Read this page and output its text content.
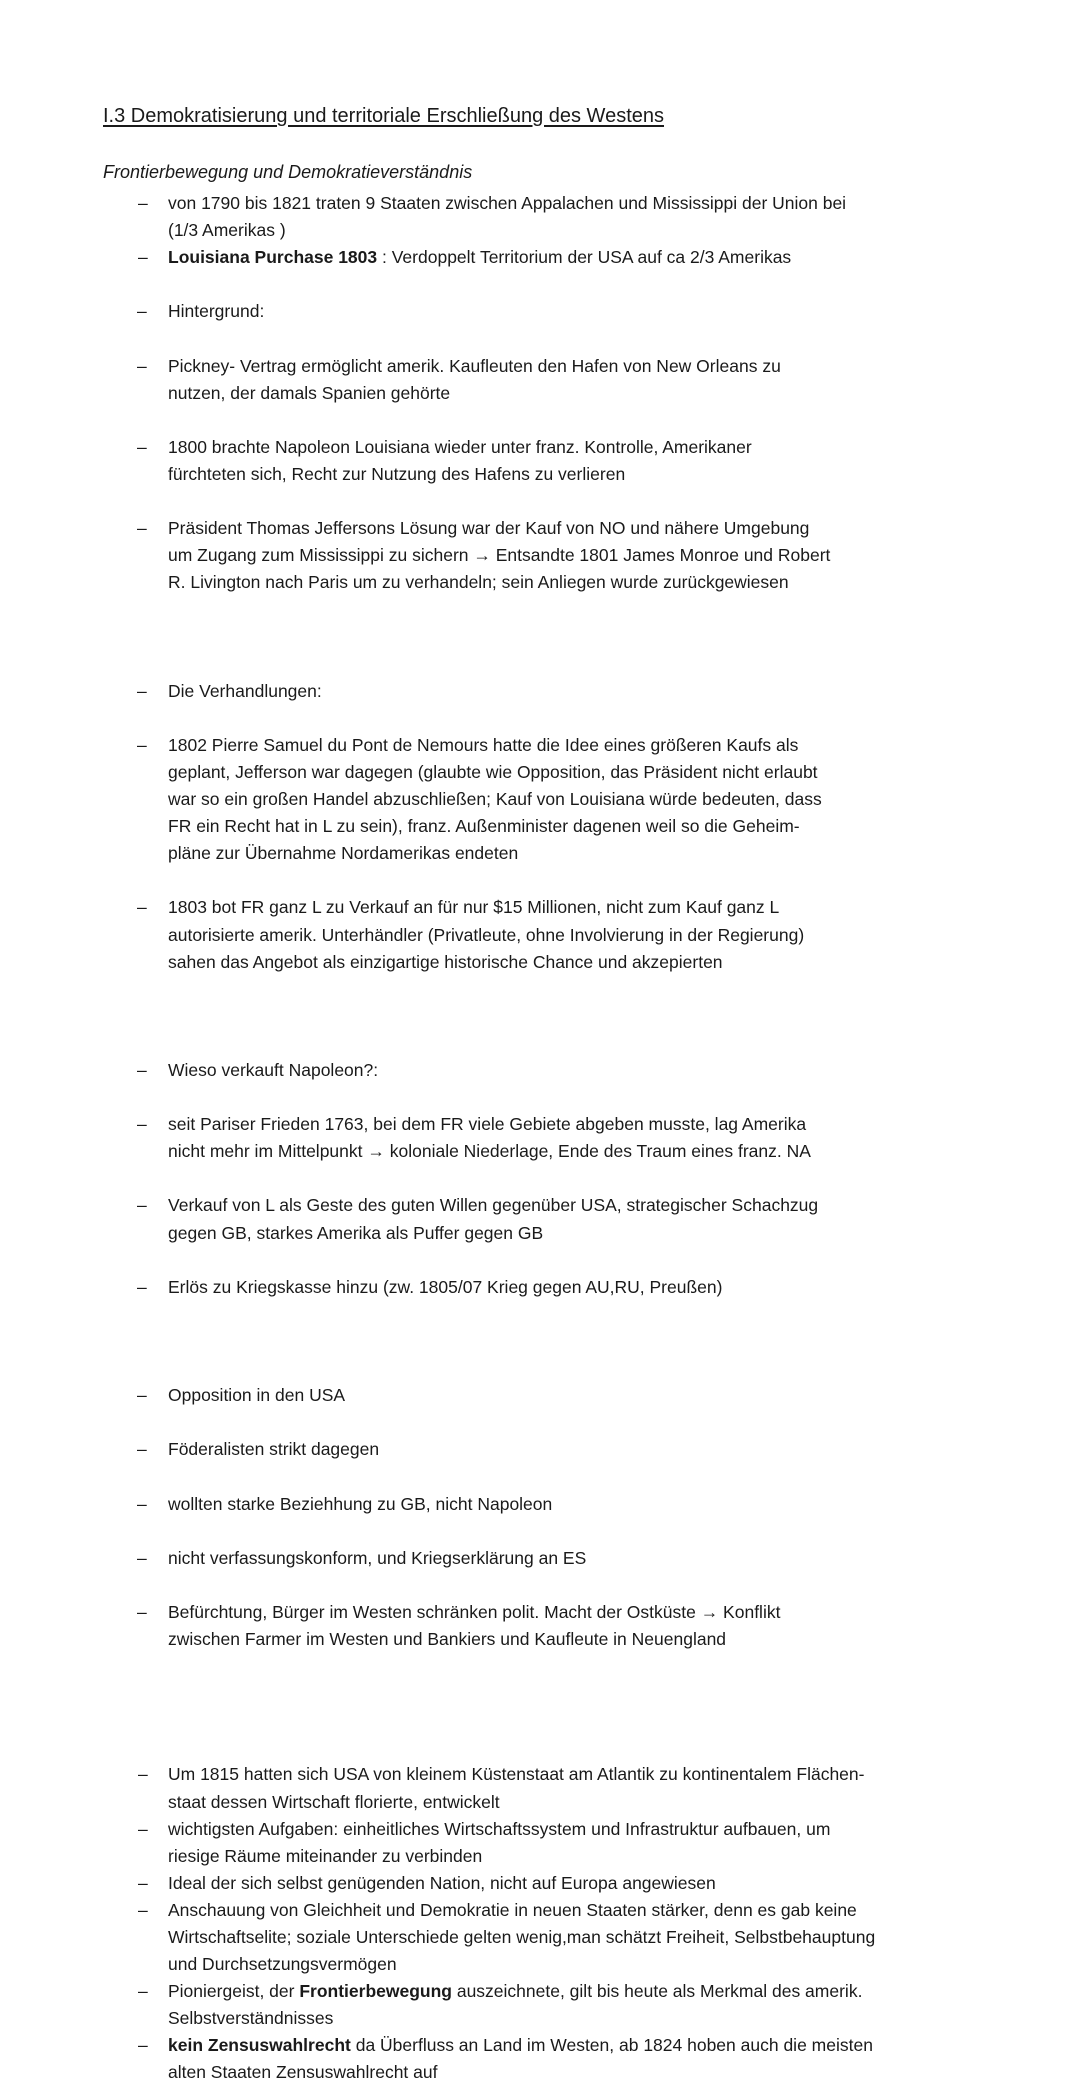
I.3 Demokratisierung und territoriale Erschließung des Westens
Frontierbewegung und Demokratieverständnis
–	von 1790 bis 1821 traten 9 Staaten zwischen Appalachen und Mississippi der Union bei
(1/3 Amerikas )
–	Louisiana Purchase 1803 : Verdoppelt Territorium der USA auf ca 2/3 Amerikas

–	Hintergrund:

–	Pickney- Vertrag ermöglicht amerik. Kaufleuten den Hafen von New Orleans zu
nutzen, der damals Spanien gehörte

–	1800 brachte Napoleon Louisiana wieder unter franz. Kontrolle, Amerikaner
fürchteten sich, Recht zur Nutzung des Hafens zu verlieren

–	Präsident Thomas Jeffersons Lösung war der Kauf von NO und nähere Umgebung
um Zugang zum Mississippi zu sichern → Entsandte 1801 James Monroe und Robert
R. Livington nach Paris um zu verhandeln; sein Anliegen wurde zurückgewiesen

–	Die Verhandlungen:

–	1802 Pierre Samuel du Pont de Nemours hatte die Idee eines größeren Kaufs als
geplant, Jefferson war dagegen (glaubte wie Opposition, das Präsident nicht erlaubt
war so ein großen Handel abzuschließen; Kauf von Louisiana würde bedeuten, dass
FR ein Recht hat in L zu sein), franz. Außenminister dagenen weil so die Geheim-
pläne zur Übernahme Nordamerikas endeten

–	1803 bot FR ganz L zu Verkauf an für nur $15 Millionen, nicht zum Kauf ganz L
autorisierte amerik. Unterhändler (Privatleute, ohne Involvierung in der Regierung)
sahen das Angebot als einzigartige historische Chance und akzepierten

–	Wieso verkauft Napoleon?:

–	seit Pariser Frieden 1763, bei dem FR viele Gebiete abgeben musste, lag Amerika
nicht mehr im Mittelpunkt → koloniale Niederlage, Ende des Traum eines franz. NA

–	Verkauf von L als Geste des guten Willen gegenüber USA, strategischer Schachzug
gegen GB, starkes Amerika als Puffer gegen GB

–	Erlös zu Kriegskasse hinzu (zw. 1805/07 Krieg gegen AU,RU, Preußen)

–	Opposition in den USA

–	Föderalisten strikt dagegen

–	wollten starke Beziehhung zu GB, nicht Napoleon

–	nicht verfassungskonform, und Kriegserklärung an ES

–	Befürchtung, Bürger im Westen schränken polit. Macht der Ostküste → Konflikt
zwischen Farmer im Westen und Bankiers und Kaufleute in Neuengland

–	Um 1815 hatten sich USA von kleinem Küstenstaat am Atlantik zu kontinentalem Flächen-
staat dessen Wirtschaft florierte, entwickelt
–	wichtigsten Aufgaben: einheitliches Wirtschaftssystem und Infrastruktur aufbauen, um
riesige Räume miteinander zu verbinden
–	Ideal der sich selbst genügenden Nation, nicht auf Europa angewiesen
–	Anschauung von Gleichheit und Demokratie in neuen Staaten stärker, denn es gab keine
Wirtschaftselite; soziale Unterschiede gelten wenig,man schätzt Freiheit, Selbstbehauptung
und Durchsetzungsvermögen
–	Pioniergeist, der Frontierbewegung auszeichnete, gilt bis heute als Merkmal des amerik.
Selbstverständnisses
–	kein Zensuswahlrecht da Überfluss an Land im Westen, ab 1824 hoben auch die meisten
alten Staaten Zensuswahlrecht auf
